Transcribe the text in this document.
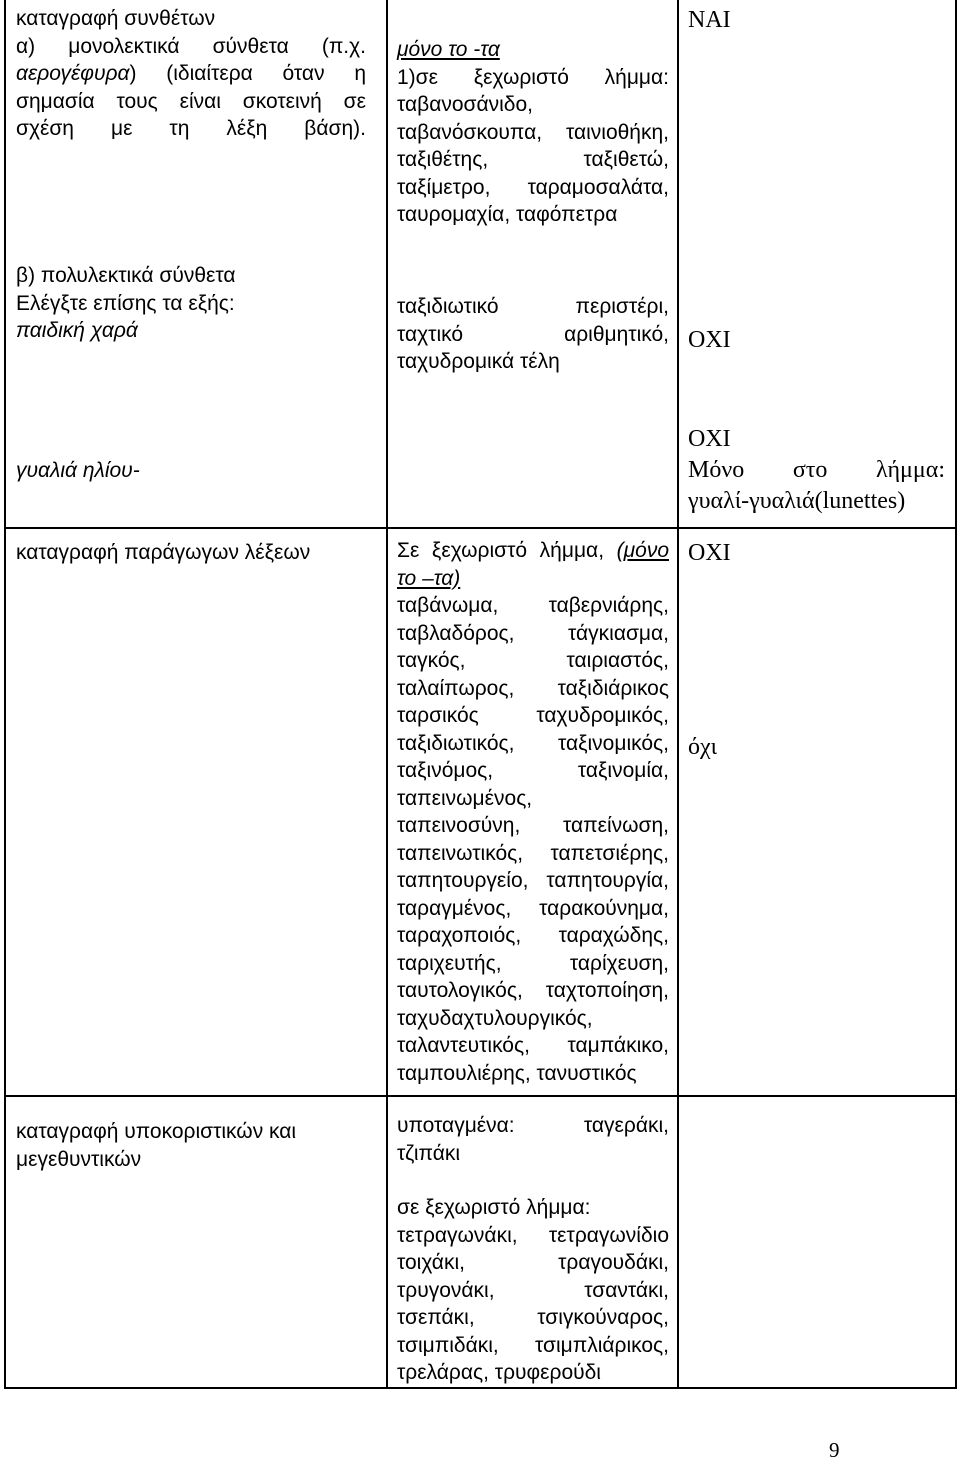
καταγραφή συνθέτων
α) μονολεκτικά σύνθετα (π.χ.
αερογέφυρα) (ιδιαίτερα όταν η
σημασία τους είναι σκοτεινή σε
σχέση με τη λέξη βάση).
μόνο το -τα
1)σε ξεχωριστό λήμμα:
ταβανοσάνιδο,
ταβανόσκουπα, ταινιοθήκη,
ταξιθέτης, ταξιθετώ,
ταξίμετρο, ταραμοσαλάτα,
ταυρομαχία, ταφόπετρα
ΝΑΙ
β) πολυλεκτικά σύνθετα
Ελέγξτε επίσης τα εξής:
παιδική χαρά
ταξιδιωτικό περιστέρι,
ταχτικό αριθμητικό,
ταχυδρομικά τέλη
ΟΧΙ
γυαλιά ηλίου-
ΟΧΙ
Μόνο στο λήμμα:
γυαλί-γυαλιά(lunettes)
καταγραφή παράγωγων λέξεων	Σε ξεχωριστό λήμμα, (μόνο
το –τα)
ταβάνωμα, ταβερνιάρης,
ταβλαδόρος, τάγκιασμα,
ταγκός, ταιριαστός,
ταλαίπωρος, ταξιδιάρικος
ταρσικός ταχυδρομικός,
ταξιδιωτικός, ταξινομικός,
ταξινόμος, ταξινομία,
ταπεινωμένος,
ταπεινοσύνη, ταπείνωση,
ταπεινωτικός, ταπετσιέρης,
ταπητουργείο, ταπητουργία,
ταραγμένος, ταρακούνημα,
ταραχοποιός, ταραχώδης,
ταριχευτής, ταρίχευση,
ταυτολογικός, ταχτοποίηση,
ταχυδαχτυλουργικός,
ταλαντευτικός, ταμπάκικο,
ταμπουλιέρης, τανυστικός
ΟΧΙ
όχι
καταγραφή υποκοριστικών και
μεγεθυντικών
υποταγμένα:	ταγεράκι,
τζιπάκι
σε ξεχωριστό λήμμα:
τετραγωνάκι, τετραγωνίδιο
τοιχάκι, τραγουδάκι,
τρυγονάκι, τσαντάκι,
τσεπάκι, τσιγκούναρος,
τσιμπιδάκι, τσιμπλιάρικος,
τρελάρας, τρυφερούδι
9
